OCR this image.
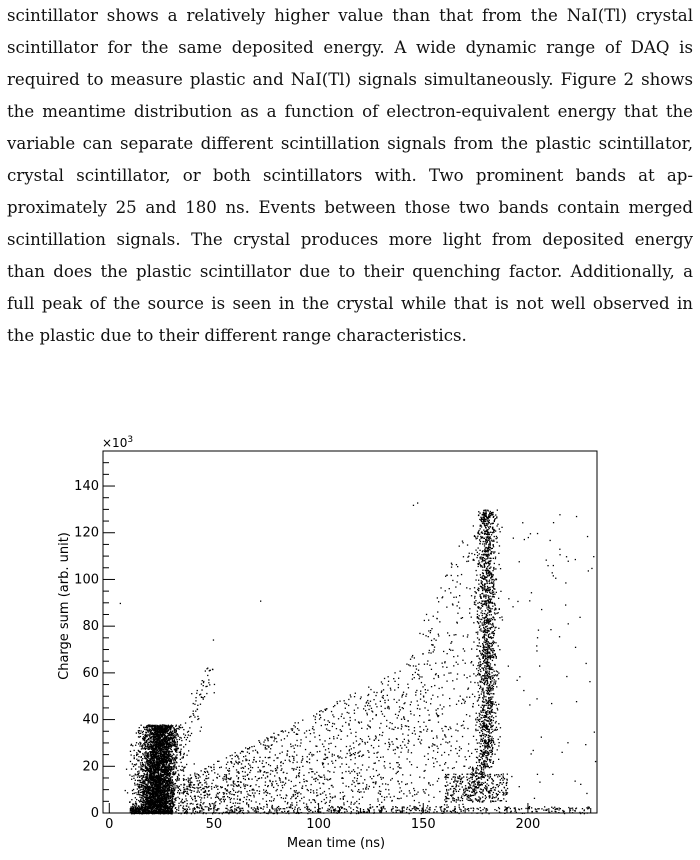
scintillator shows a relatively higher value than that from the NaI(Tl) crystal
scintillator for the same deposited energy. A wide dynamic range of DAQ is
required to measure plastic and NaI(Tl) signals simultaneously. Figure 2 shows
the meantime distribution as a function of electron-equivalent energy that the
variable can separate different scintillation signals from the plastic scintillator,
crystal scintillator, or both scintillators with. Two prominent bands at ap-
proximately 25 and 180 ns. Events between those two bands contain merged
scintillation signals. The crystal produces more light from deposited energy
than does the plastic scintillator due to their quenching factor. Additionally, a
full peak of the source is seen in the crystal while that is not well observed in
the plastic due to their different range characteristics.
0	50	100	150	200
0
20
40
60
80
100
120
140
$\times 10^3$
Mean time (ns)
Charge sum (arb. unit)
